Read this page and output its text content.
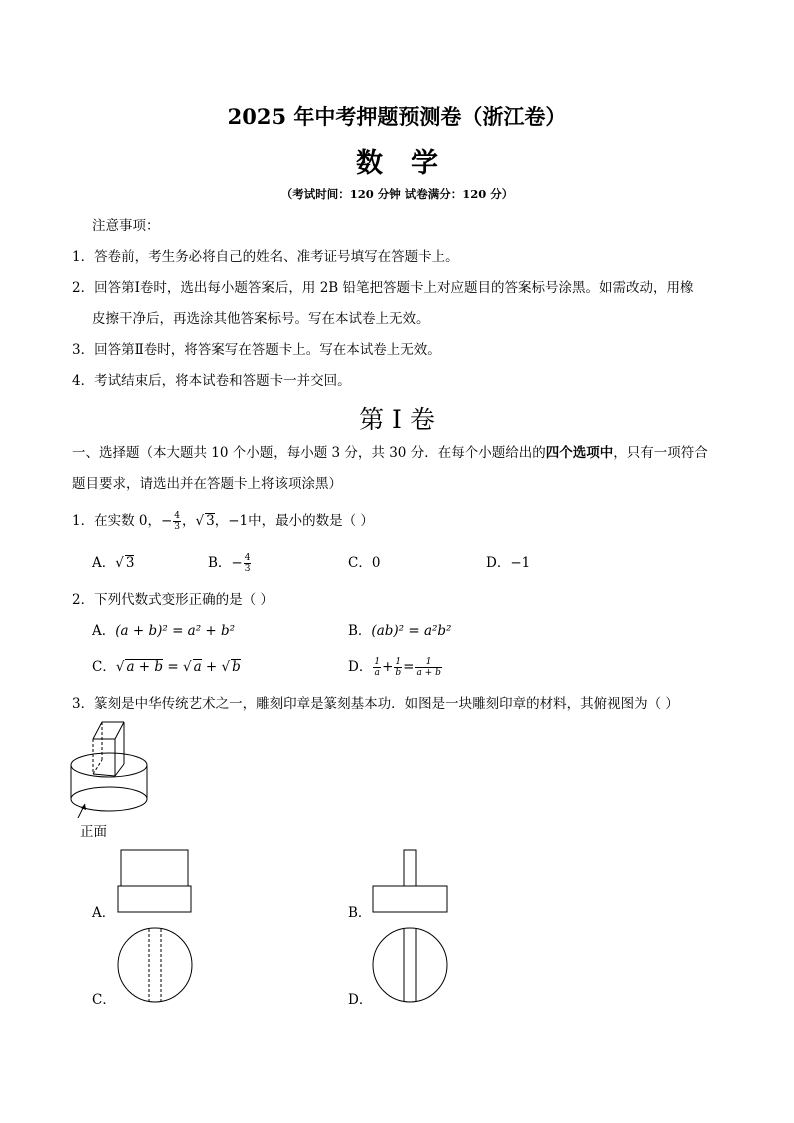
2025 年中考押题预测卷（浙江卷）
数学
（考试时间：120 分钟 试卷满分：120 分）
注意事项：
1．答卷前，考生务必将自己的姓名、准考证号填写在答题卡上。
2．回答第Ⅰ卷时，选出每小题答案后，用 2B 铅笔把答题卡上对应题目的答案标号涂黑。如需改动，用橡
皮擦干净后，再选涂其他答案标号。写在本试卷上无效。
3．回答第Ⅱ卷时，将答案写在答题卡上。写在本试卷上无效。
4．考试结束后，将本试卷和答题卡一并交回。
第 I 卷
一、选择题（本大题共 10 个小题，每小题 3 分，共 30 分．在每个小题给出的四个选项中，只有一项符合
题目要求，请选出并在答题卡上将该项涂黑）
1．在实数 0，− $\frac{4}{3}$ ，√ 3，−1中，最小的数是（ ）
A．√ 3	B．− $\frac{4}{3}$	C．0	D．−1
2．下列代数式变形正确的是（ ）
A．(a + b)² = a² + b²	B．(ab)² = a²b²
C．√ a + b = √ a + √ b	D． $\frac{1}{a} + \frac{1}{b} = \frac{1}{a + b}$
3．篆刻是中华传统艺术之一，雕刻印章是篆刻基本功．如图是一块雕刻印章的材料，其俯视图为（ ）
正面
A．	B．
C．	D．
